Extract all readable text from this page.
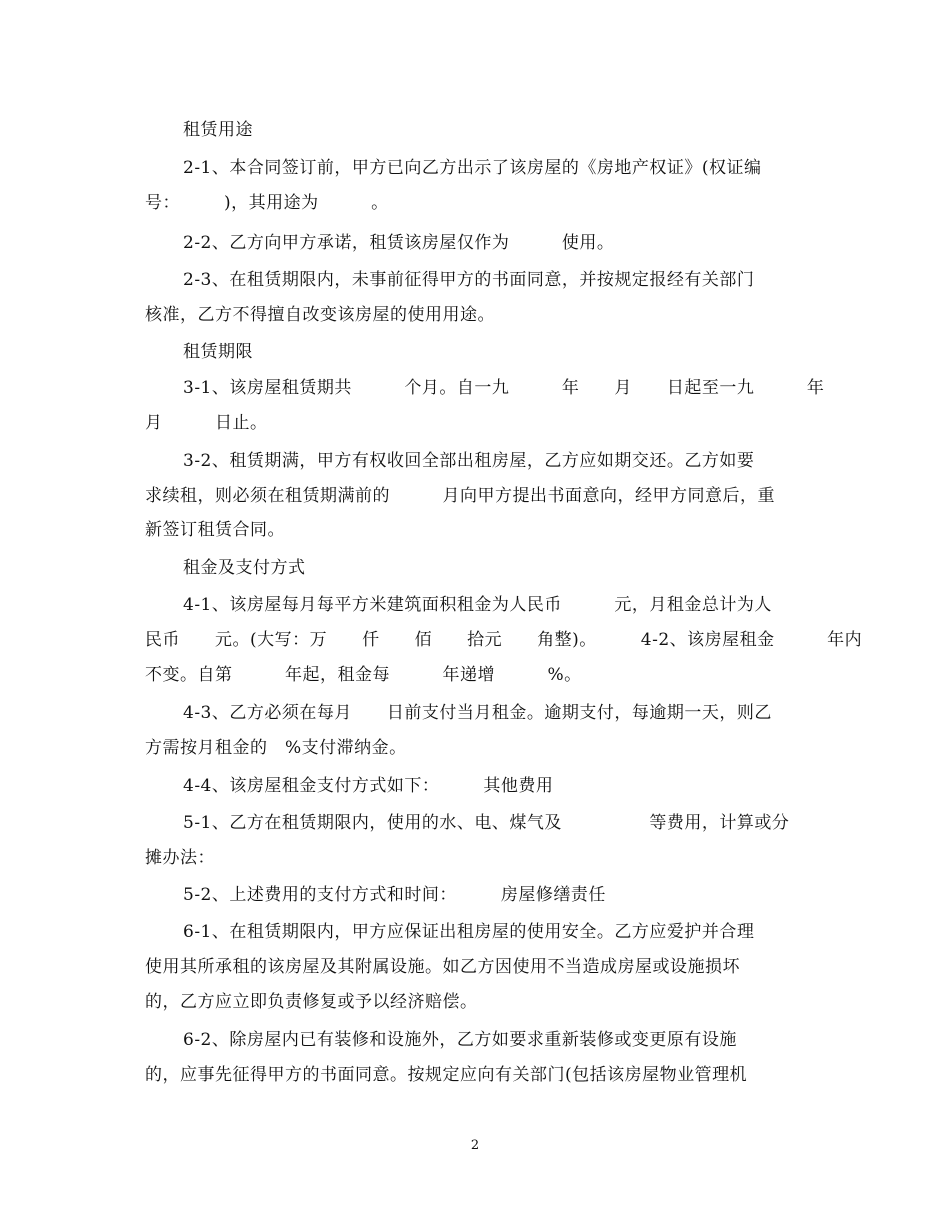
租赁用途
2-1、本合同签订前，甲方已向乙方出示了该房屋的《房地产权证》(权证编
号：　　　)，其用途为　　　。
2-2、乙方向甲方承诺，租赁该房屋仅作为　　　使用。
2-3、在租赁期限内，未事前征得甲方的书面同意，并按规定报经有关部门
核准，乙方不得擅自改变该房屋的使用用途。
租赁期限
3-1、该房屋租赁期共　　　个月。自一九　　　年　　月　　日起至一九　　　年
月　　　日止。
3-2、租赁期满，甲方有权收回全部出租房屋，乙方应如期交还。乙方如要
求续租，则必须在租赁期满前的　　　月向甲方提出书面意向，经甲方同意后，重
新签订租赁合同。
租金及支付方式
4-1、该房屋每月每平方米建筑面积租金为人民币　　　元，月租金总计为人
民币　　元。(大写：万　　仟　　佰　　拾元　　角整)。　　　4-2、该房屋租金　　　年内
不变。自第　　　年起，租金每　　　年递增　　　%。
4-3、乙方必须在每月　　日前支付当月租金。逾期支付，每逾期一天，则乙
方需按月租金的　%支付滞纳金。
4-4、该房屋租金支付方式如下：　　　其他费用
5-1、乙方在租赁期限内，使用的水、电、煤气及　　　　　等费用，计算或分
摊办法：
5-2、上述费用的支付方式和时间：　　　房屋修缮责任
6-1、在租赁期限内，甲方应保证出租房屋的使用安全。乙方应爱护并合理
使用其所承租的该房屋及其附属设施。如乙方因使用不当造成房屋或设施损坏
的，乙方应立即负责修复或予以经济赔偿。
6-2、除房屋内已有装修和设施外，乙方如要求重新装修或变更原有设施
的，应事先征得甲方的书面同意。按规定应向有关部门(包括该房屋物业管理机
2
